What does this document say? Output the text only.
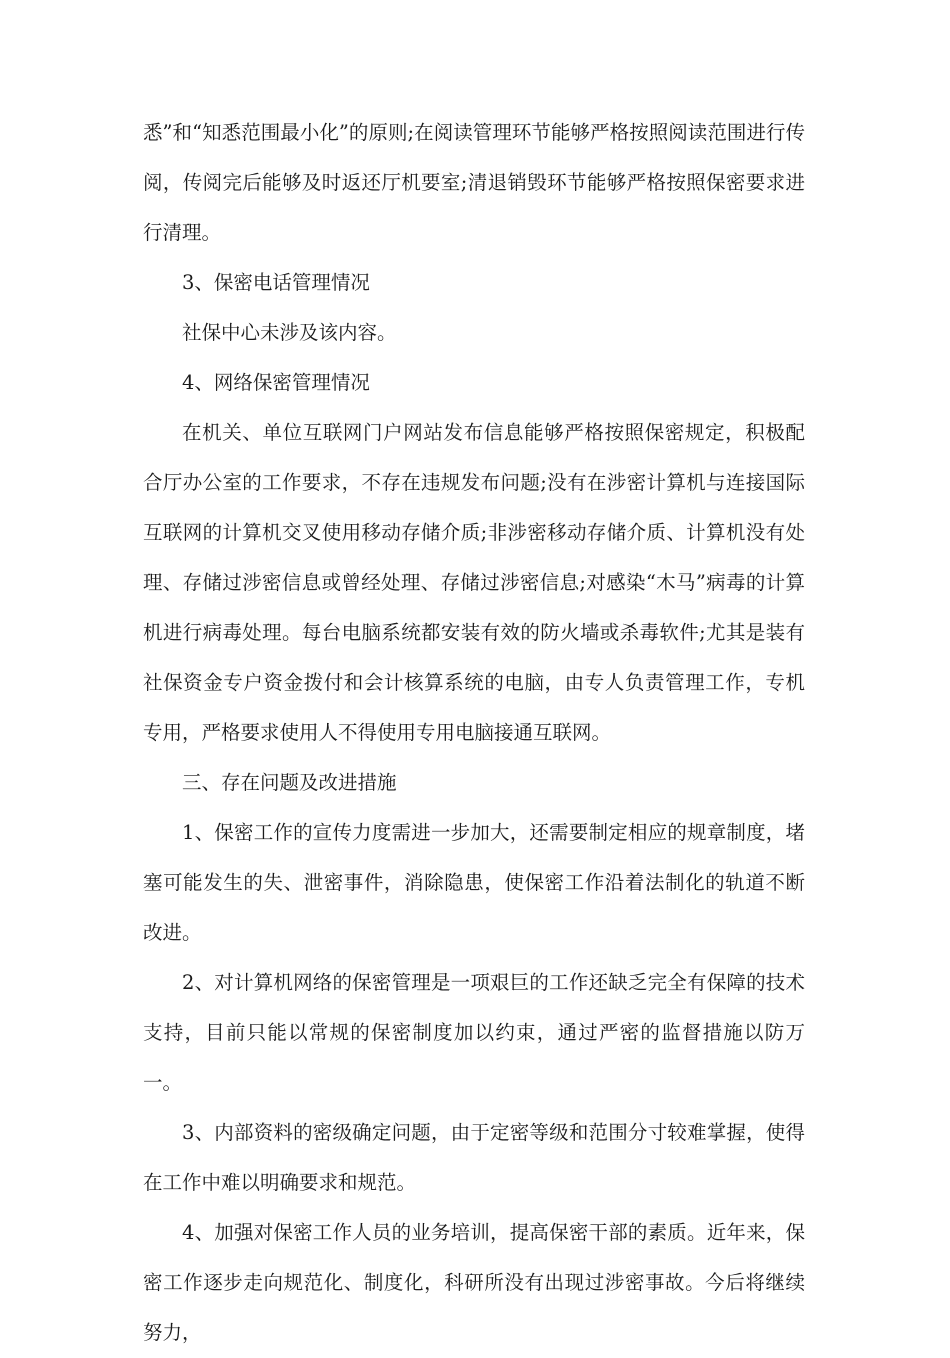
悉”和“知悉范围最小化”的原则;在阅读管理环节能够严格按照阅读范围进行传阅，传阅完后能够及时返还厅机要室;清退销毁环节能够严格按照保密要求进行清理。

3、保密电话管理情况

社保中心未涉及该内容。

4、网络保密管理情况

在机关、单位互联网门户网站发布信息能够严格按照保密规定，积极配合厅办公室的工作要求，不存在违规发布问题;没有在涉密计算机与连接国际互联网的计算机交叉使用移动存储介质;非涉密移动存储介质、计算机没有处理、存储过涉密信息或曾经处理、存储过涉密信息;对感染“木马”病毒的计算机进行病毒处理。每台电脑系统都安装有效的防火墙或杀毒软件;尤其是装有社保资金专户资金拨付和会计核算系统的电脑，由专人负责管理工作，专机专用，严格要求使用人不得使用专用电脑接通互联网。

三、存在问题及改进措施

1、保密工作的宣传力度需进一步加大，还需要制定相应的规章制度，堵塞可能发生的失、泄密事件，消除隐患，使保密工作沿着法制化的轨道不断改进。

2、对计算机网络的保密管理是一项艰巨的工作还缺乏完全有保障的技术支持，目前只能以常规的保密制度加以约束，通过严密的监督措施以防万一。

3、内部资料的密级确定问题，由于定密等级和范围分寸较难掌握，使得在工作中难以明确要求和规范。

4、加强对保密工作人员的业务培训，提高保密干部的素质。近年来，保密工作逐步走向规范化、制度化，科研所没有出现过涉密事故。今后将继续努力，
